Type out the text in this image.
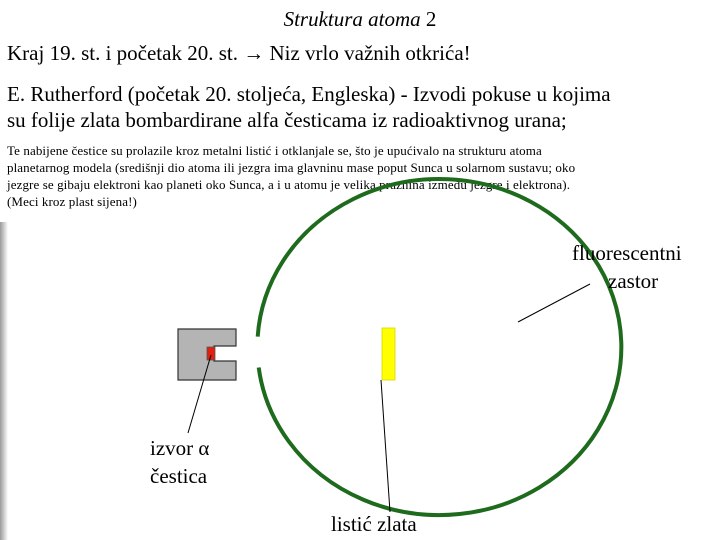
Struktura atoma 2
Kraj 19. st. i početak 20. st. → Niz vrlo važnih otkrića!
E. Rutherford (početak 20. stoljeća, Engleska) - Izvodi pokuse u kojima
su folije zlata bombardirane alfa česticama iz radioaktivnog urana;
Te nabijene čestice su prolazile kroz metalni listić i otklanjale se, što je upućivalo na strukturu atoma
planetarnog modela (središnji dio atoma ili jezgra ima glavninu mase poput Sunca u solarnom sustavu; oko
jezgre se gibaju elektroni kao planeti oko Sunca, a i u atomu je velika praznina između jezgre i elektrona).
(Meci kroz plast sijena!)
fluorescentni
zastor
izvor α
čestica
listić zlata
